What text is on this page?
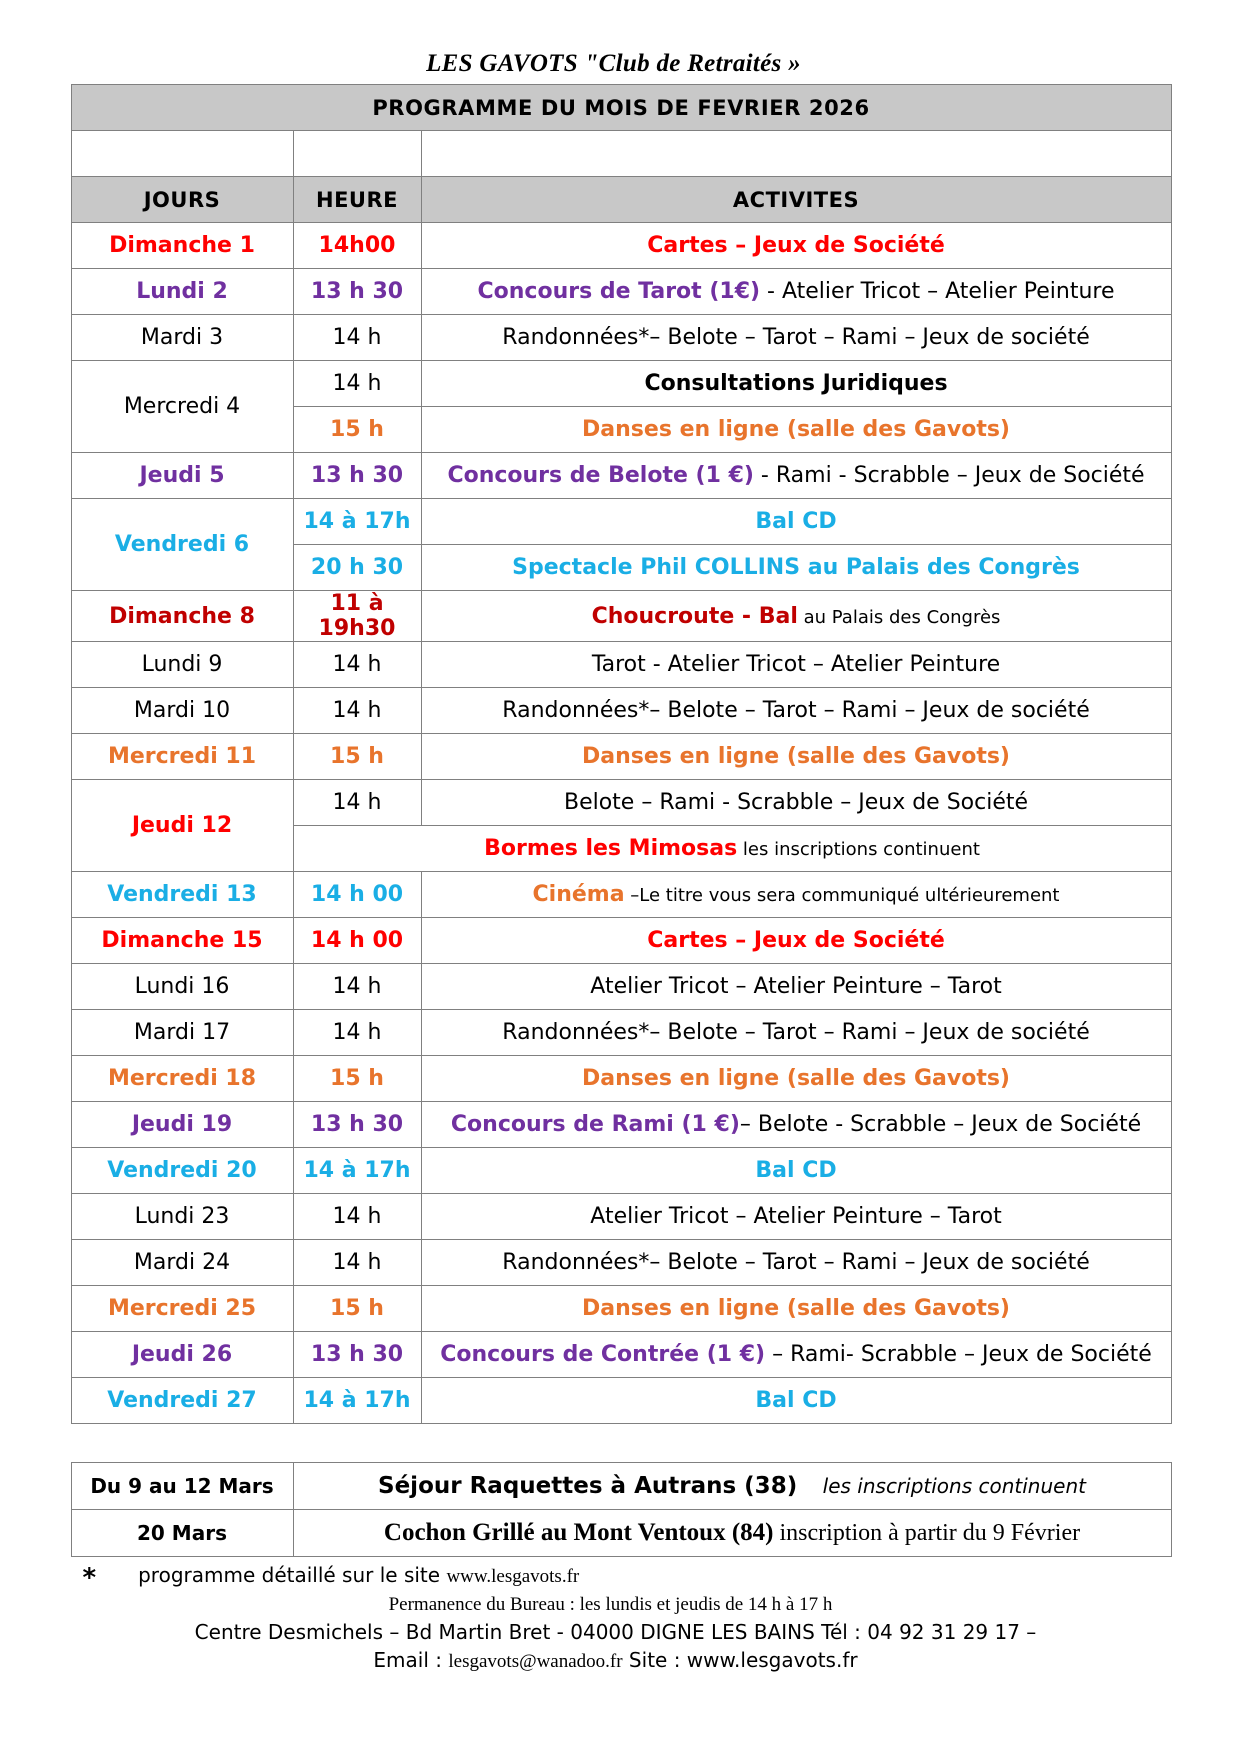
LES GAVOTS "Club de Retraités »
PROGRAMME DU MOIS DE FEVRIER 2026		

JOURS	HEURE	ACTIVITES
Dimanche 1	14h00	Cartes – Jeux de Société
Lundi 2	13 h 30	Concours de Tarot (1€) - Atelier Tricot – Atelier Peinture
Mardi 3	14 h	Randonnées*– Belote – Tarot – Rami – Jeux de société
Mercredi 4	14 h	Consultations Juridiques
	15 h	Danses en ligne (salle des Gavots)
Jeudi 5	13 h 30	Concours de Belote (1 €) - Rami - Scrabble – Jeux de Société
Vendredi 6	14 à 17h	Bal CD
	20 h 30	Spectacle Phil COLLINS au Palais des Congrès
Dimanche 8	11 à 19h30	Choucroute - Bal au Palais des Congrès
Lundi 9	14 h	Tarot - Atelier Tricot – Atelier Peinture
Mardi 10	14 h	Randonnées*– Belote – Tarot – Rami – Jeux de société
Mercredi 11	15 h	Danses en ligne (salle des Gavots)
Jeudi 12	14 h	Belote – Rami - Scrabble – Jeux de Société
	Bormes les Mimosas les inscriptions continuent	
Vendredi 13	14 h 00	Cinéma –Le titre vous sera communiqué ultérieurement
Dimanche 15	14 h 00	Cartes – Jeux de Société
Lundi 16	14 h	Atelier Tricot – Atelier Peinture – Tarot
Mardi 17	14 h	Randonnées*– Belote – Tarot – Rami – Jeux de société
Mercredi 18	15 h	Danses en ligne (salle des Gavots)
Jeudi 19	13 h 30	Concours de Rami (1 €)– Belote - Scrabble – Jeux de Société
Vendredi 20	14 à 17h	Bal CD
Lundi 23	14 h	Atelier Tricot – Atelier Peinture – Tarot
Mardi 24	14 h	Randonnées*– Belote – Tarot – Rami – Jeux de société
Mercredi 25	15 h	Danses en ligne (salle des Gavots)
Jeudi 26	13 h 30	Concours de Contrée (1 €) – Rami- Scrabble – Jeux de Société
Vendredi 27	14 à 17h	Bal CD
Du 9 au 12 Mars	Séjour Raquettes à Autrans (38)    les inscriptions continuent
20 Mars	Cochon Grillé au Mont Ventoux (84) inscription à partir du 9 Février
*	programme détaillé sur le site www.lesgavots.fr
Permanence du Bureau : les lundis et jeudis de 14 h à 17 h
Centre Desmichels – Bd Martin Bret - 04000 DIGNE LES BAINS Tél : 04 92 31 29 17 –
Email : lesgavots@wanadoo.fr Site : www.lesgavots.fr
